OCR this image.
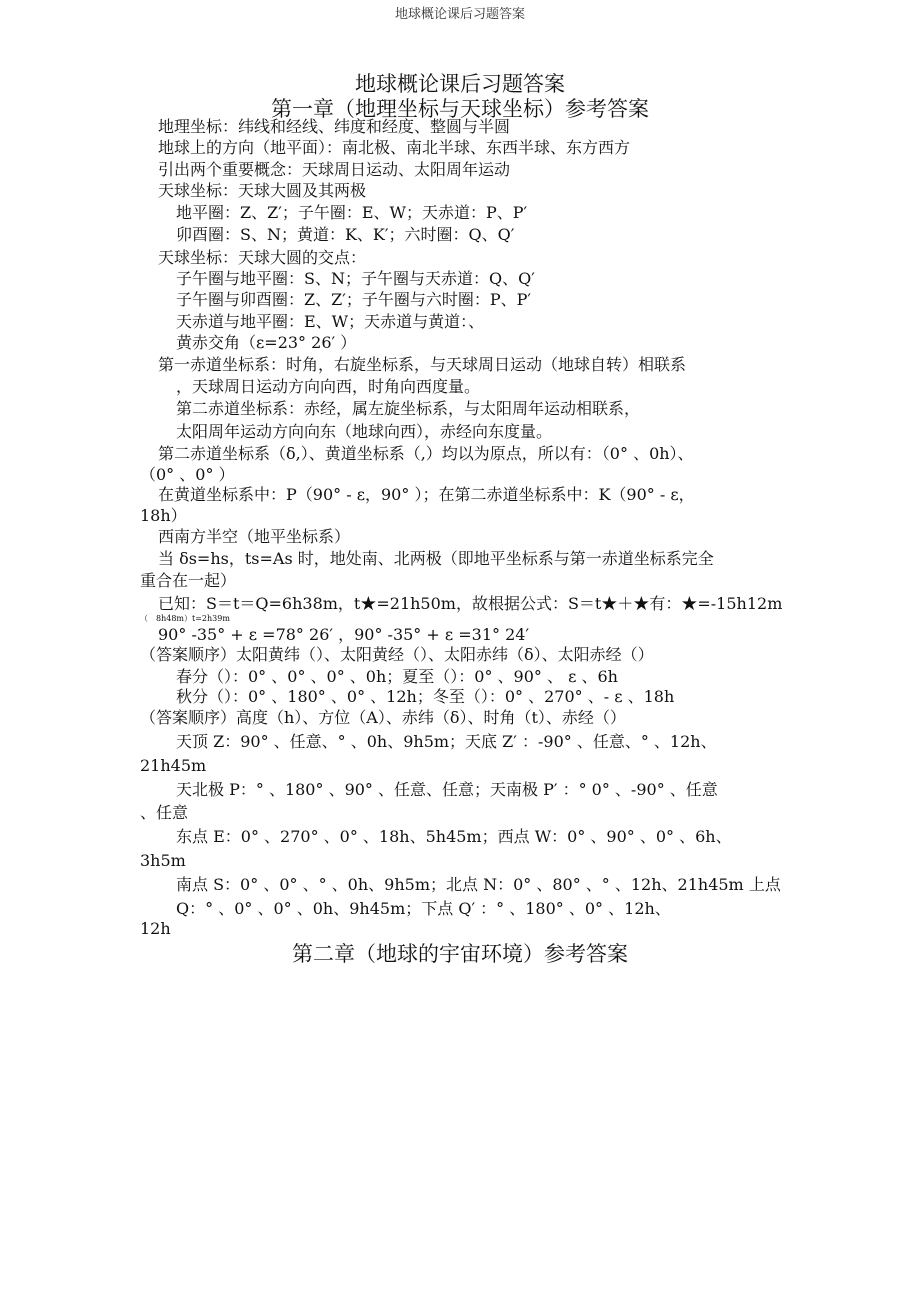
地球概论课后习题答案
地球概论课后习题答案
第一章（地理坐标与天球坐标）参考答案
地理坐标：纬线和经线、纬度和经度、整圆与半圆
地球上的方向（地平面）：南北极、南北半球、东西半球、东方西方
引出两个重要概念：天球周日运动、太阳周年运动
天球坐标：天球大圆及其两极
地平圈：Z、Z′；子午圈：E、W；天赤道：P、P′
卯酉圈：S、N；黄道：K、K′；六时圈：Q、Q′
天球坐标：天球大圆的交点：
子午圈与地平圈：S、N；子午圈与天赤道：Q、Q′
子午圈与卯酉圈：Z、Z′；子午圈与六时圈：P、P′
天赤道与地平圈：E、W；天赤道与黄道：、
黄赤交角（ε=23° 26′ ）
第一赤道坐标系：时角，右旋坐标系，与天球周日运动（地球自转）相联系
，天球周日运动方向向西，时角向西度量。
第二赤道坐标系：赤经，属左旋坐标系，与太阳周年运动相联系，
太阳周年运动方向向东（地球向西），赤经向东度量。
第二赤道坐标系（δ,）、黄道坐标系（,）均以为原点，所以有：（0° 、0h）、
（0° 、0° ）
在黄道坐标系中：P（90° - ε，90° ）；在第二赤道坐标系中：K（90° - ε，
18h）
西南方半空（地平坐标系）
当 δs=hs，ts=As 时，地处南、北两极（即地平坐标系与第一赤道坐标系完全
重合在一起）
已知：S＝t＝Q=6h38m，t★=21h50m，故根据公式：S＝t★＋★有：★=-15h12m
（　8h48m）t=2h39m
90° -35° + ε =78° 26′ ，90° -35° + ε =31° 24′
（答案顺序）太阳黄纬（）、太阳黄经（）、太阳赤纬（δ）、太阳赤经（）
春分（）：0° 、0° 、0° 、0h；夏至（）：0° 、90° 、 ε 、6h
秋分（）：0° 、180° 、0° 、12h；冬至（）：0° 、270° 、- ε 、18h
（答案顺序）高度（h）、方位（A）、赤纬（δ）、时角（t）、赤经（）
天顶 Z：90° 、任意、° 、0h、9h5m；天底 Z′ ：-90° 、任意、° 、12h、
21h45m
天北极 P：° 、180° 、90° 、任意、任意；天南极 P′ ：° 0° 、-90° 、任意
、任意
东点 E：0° 、270° 、0° 、18h、5h45m；西点 W：0° 、90° 、0° 、6h、
3h5m
南点 S：0° 、0° 、° 、0h、9h5m；北点 N：0° 、80° 、° 、12h、21h45m 上点
Q：° 、0° 、0° 、0h、9h45m；下点 Q′ ：° 、180° 、0° 、12h、
12h
第二章（地球的宇宙环境）参考答案
